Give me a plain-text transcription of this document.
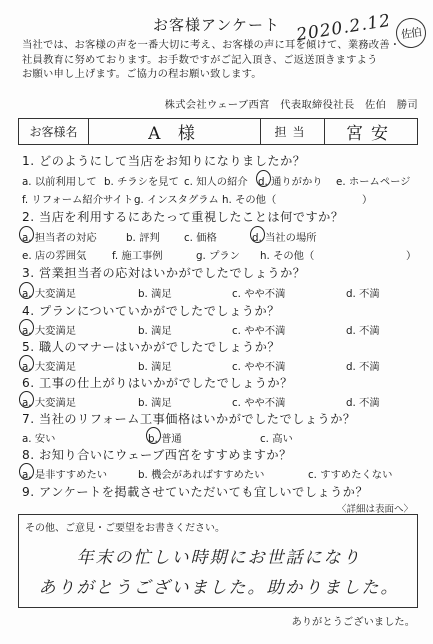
お客様アンケート 2020.2.12 佐伯
当社では、お客様の声を一番大切に考え、お客様の声に耳を傾けて、業務改善・
社員教育に努めております。お手数ですがご記入頂き、ご返送頂きますよう
お願い申し上げます。ご協力の程お願い致します。
株式会社ウェーブ西宮　代表取締役社長　佐伯　勝司
お客様名	A 様	担当	宮安
1. どのようにして当店をお知りになりましたか？
a. 以前利用して b. チラシを見て c. 知人の紹介 d. 通りがかり e. ホームページ
f. リフォーム紹介サイト g. インスタグラム h. その他（	）
2. 当店を利用するにあたって重視したことは何ですか？
a. 担当者の対応	b. 評判 c. 価格	d. 当社の場所
e. 店の雰囲気 f. 施工事例	g. プラン h. その他（	）
3. 営業担当者の応対はいかがでしたでしょうか？
a. 大変満足	b. 満足	c. やや不満	d. 不満
4. プランについていかがでしたでしょうか？
a. 大変満足	b. 満足	c. やや不満	d. 不満
5. 職人のマナーはいかがでしたでしょうか？
a. 大変満足	b. 満足	c. やや不満	d. 不満
6. 工事の仕上がりはいかがでしたでしょうか？
a. 大変満足	b. 満足	c. やや不満	d. 不満
7. 当社のリフォーム工事価格はいかがでしたでしょうか？
a. 安い	b. 普通	c. 高い
8. お知り合いにウェーブ西宮をすすめますか？
a. 是非すすめたい	b. 機会があればすすめたい	c. すすめたくない
9. アンケートを掲載させていただいても宜しいでしょうか？
〈詳細は表面へ〉
その他、ご意見・ご要望をお書きください。
年末の忙しい時期にお世話になり
ありがとうございました。助かりました。
ありがとうございました。
